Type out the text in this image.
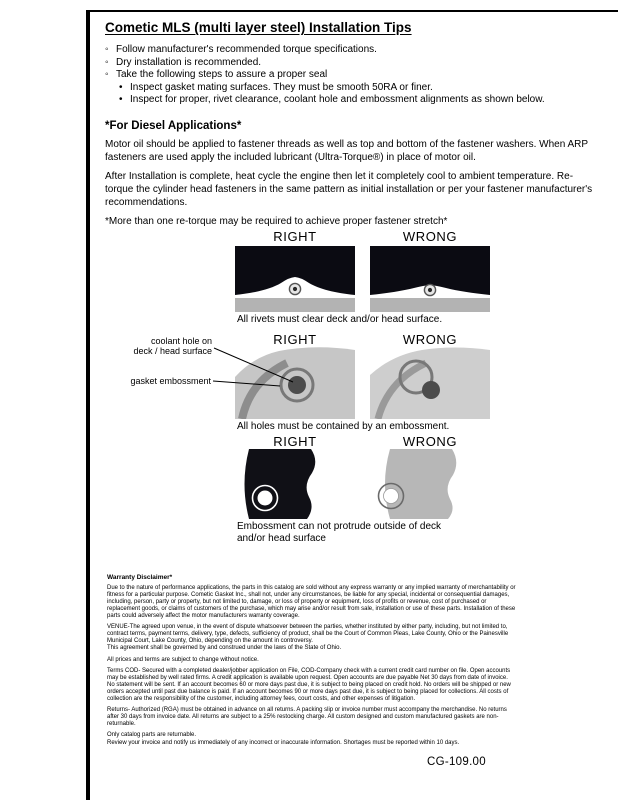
Cometic MLS (multi layer steel) Installation Tips
◦ Follow manufacturer's recommended torque specifications.
◦ Dry installation is recommended.
◦ Take the following steps to assure a proper seal
• Inspect gasket mating surfaces. They must be smooth 50RA or finer.
• Inspect for proper, rivet clearance, coolant hole and embossment alignments as shown below.
*For Diesel Applications*

Motor oil should be applied to fastener threads as well as top and bottom of the fastener washers. When ARP fasteners are used apply the included lubricant (Ultra-Torque®) in place of motor oil.

After Installation is complete, heat cycle the engine then let it completely cool to ambient temperature. Re-torque the cylinder head fasteners in the same pattern as initial installation or per your fastener manufacturer's recommendations.

*More than one re-torque may be required to achieve proper fastener stretch*

RIGHT	WRONG
All rivets must clear deck and/or head surface.
RIGHT	WRONG
coolant hole on
deck / head surface
gasket embossment
All holes must be contained by an embossment.
RIGHT	WRONG
Embossment can not protrude outside of deck and/or head surface
Warranty Disclaimer*

Due to the nature of performance applications, the parts in this catalog are sold without any express warranty or any implied warranty of merchantability or fitness for a particular purpose. Cometic Gasket Inc., shall not, under any circumstances, be liable for any special, incidental or consequential damages, including, person, party or property, but not limited to, damage, or loss of property or equipment, loss of profits or revenue, cost of purchased or replacement goods, or claims of customers of the purchase, which may arise and/or result from sale, installation or use of these parts. Installation of these parts could adversely affect the motor manufacturers warranty coverage.

VENUE-The agreed upon venue, in the event of dispute whatsoever between the parties, whether instituted by either party, including, but not limited to, contract terms, payment terms, delivery, type, defects, sufficiency of product, shall be the Court of Common Pleas, Lake County, Ohio or the Painesville Municipal Court, Lake County, Ohio, depending on the amount in controversy.

This agreement shall be governed by and construed under the laws of the State of Ohio.

All prices and terms are subject to change without notice.

Terms COD- Secured with a completed dealer/jobber application on File, COD-Company check with a current credit card number on file. Open accounts may be established by well rated firms. A credit application is available upon request. Open accounts are due payable Net 30 days from date of invoice. No statement will be sent. If an account becomes 60 or more days past due, it is subject to being placed on credit hold. No orders will be shipped or new orders accepted until past due balance is paid. If an account becomes 90 or more days past due, it is subject to being placed for collections. All costs of collection are the responsibility of the customer, including attorney fees, court costs, and other expenses of litigation.

Returns- Authorized (RGA) must be obtained in advance on all returns. A packing slip or invoice number must accompany the merchandise. No returns after 30 days from invoice date. All returns are subject to a 25% restocking charge. All custom designed and custom manufactured gaskets are non-returnable.

Only catalog parts are returnable.

Review your invoice and notify us immediately of any incorrect or inaccurate information. Shortages must be reported within 10 days.

CG-109.00
